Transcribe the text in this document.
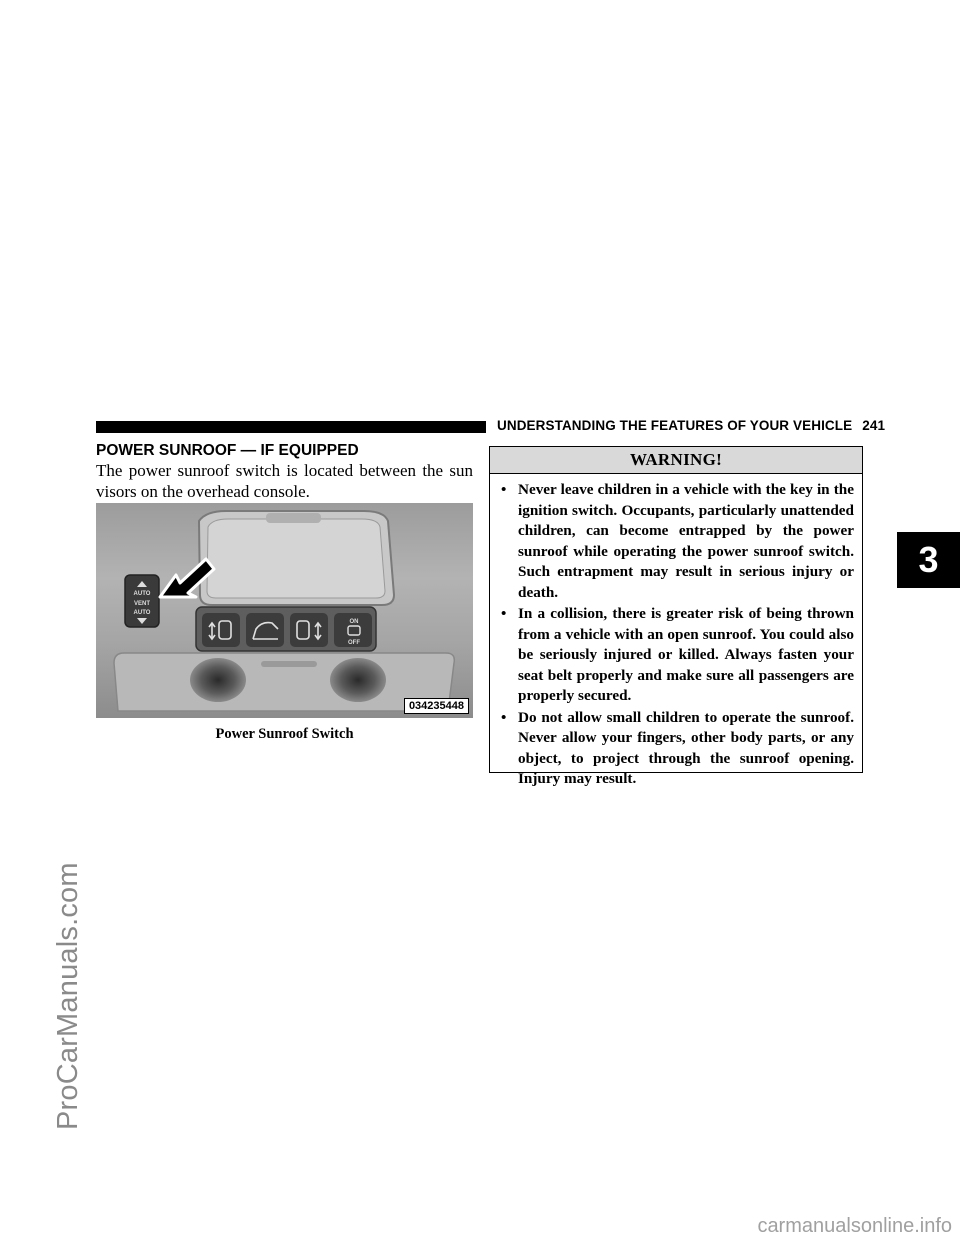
ProCarManuals.com
carmanualsonline.info
UNDERSTANDING THE FEATURES OF YOUR VEHICLE 241
3
POWER SUNROOF — IF EQUIPPED
The power sunroof switch is located between the sun visors on the overhead console.
AUTO
VENT
AUTO
ON
OFF
034235448
Power Sunroof Switch
WARNING!
• Never leave children in a vehicle with the key in the ignition switch. Occupants, particularly unattended children, can become entrapped by the power sunroof while operating the power sunroof switch. Such entrapment may result in serious injury or death.
• In a collision, there is greater risk of being thrown from a vehicle with an open sunroof. You could also be seriously injured or killed. Always fasten your seat belt properly and make sure all passengers are properly secured.
• Do not allow small children to operate the sunroof. Never allow your fingers, other body parts, or any object, to project through the sunroof opening. Injury may result.
